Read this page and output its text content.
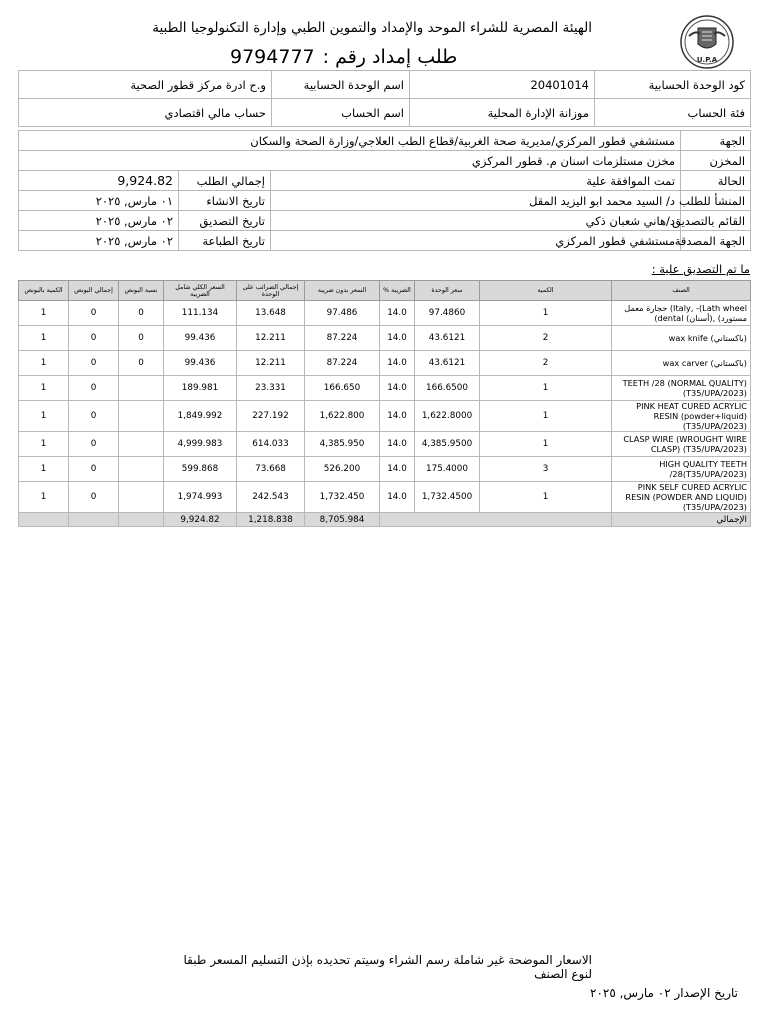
الهيئة المصرية للشراء الموحد والإمداد والتموين الطبي وإدارة التكنولوجيا الطبية
U.P.A
طلب إمداد رقم :
9794777
و.ح ادرة مركز قطور الصحية	اسم الوحدة الحسابية	20401014	كود الوحدة الحسابية
حساب مالي اقتصادي	اسم الحساب	موزانة الإدارة المحلية	فئة الحساب
مستشفي قطور المركزي/مديرية صحة الغربية/قطاع الطب العلاجي/وزارة الصحة والسكان			الجهة
مخزن مستلزمات اسنان م. قطور المركزي			المخزن
9,924.82	إجمالي الطلب	تمت الموافقة علية	الحالة
٠١ مارس, ٢٠٢٥	تاريخ الانشاء	د/ السيد محمد ابو اليزيد المقل	المنشأ للطلب
٠٢ مارس, ٢٠٢٥	تاريخ التصديق	د/هاني شعبان ذكي	القائم بالتصديق
٠٢ مارس, ٢٠٢٥	تاريخ الطباعة	مستشفي قطور المركزي	الجهة المصدقة
ما تم التصديق علية :
الكمية بالبونص	إجمالي البونص	نسبة البونص	السعر الكلي شامل الضريبة	إجمالي الضرائب على الوحدة	السعر بدون ضريبة	% الضريبة	سعر الوحدة	الكمية	الصنف
1	0	0	111.134	13.648	97.486	14.0	97.4860	1	حجارة معمل (Italy, -(Lath wheel (dental (أسنان), (مستورد
1	0	0	99.436	12.211	87.224	14.0	43.6121	2	wax knife (باكستاني)
1	0	0	99.436	12.211	87.224	14.0	43.6121	2	wax carver (باكستاني)
1	0		189.981	23.331	166.650	14.0	166.6500	1	TEETH /28 (NORMAL QUALITY) (T35/UPA/2023)
1	0		1,849.992	227.192	1,622.800	14.0	1,622.8000	1	PINK HEAT CURED ACRYLIC RESIN (powder+liquid)(T35/UPA/2023)
1	0		4,999.983	614.033	4,385.950	14.0	4,385.9500	1	CLASP WIRE (WROUGHT WIRE CLASP) (T35/UPA/2023)
1	0		599.868	73.668	526.200	14.0	175.4000	3	HIGH QUALITY TEETH /28(T35/UPA/2023)
1	0		1,974.993	242.543	1,732.450	14.0	1,732.4500	1	PINK SELF CURED ACRYLIC RESIN (POWDER AND LIQUID)(T35/UPA/2023)
			9,924.82	1,218.838	8,705.984				الإجمالي
الاسعار الموضحة غير شاملة رسم الشراء وسيتم تحديده بإذن التسليم المسعر طبقا لنوع الصنف
تاريخ الإصدار
٠٢ مارس, ٢٠٢٥
